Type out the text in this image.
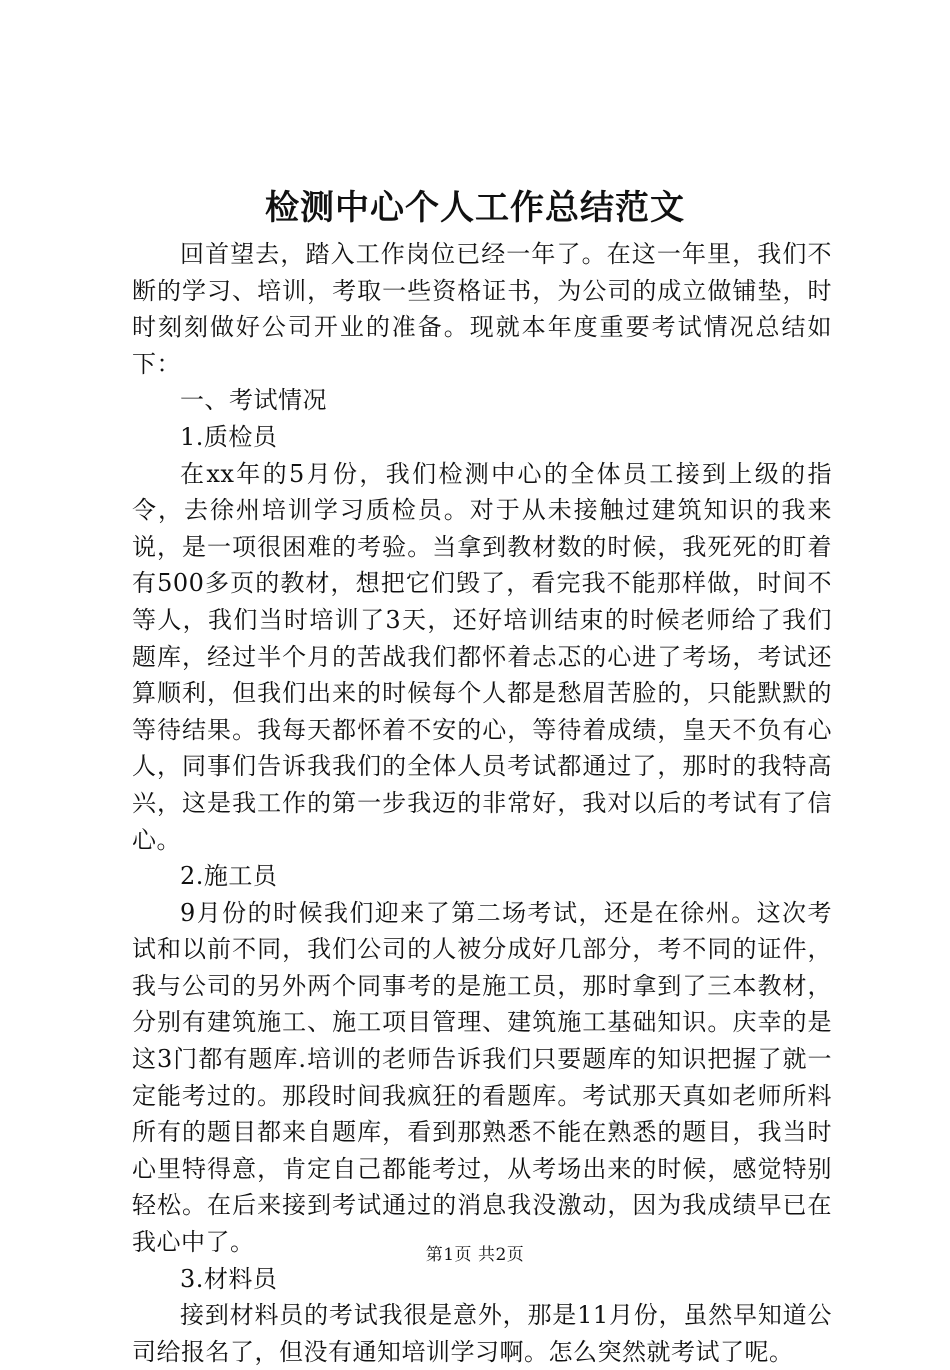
检测中心个人工作总结范文

回首望去，踏入工作岗位已经一年了。在这一年里，我们不断的学习、培训，考取一些资格证书，为公司的成立做铺垫，时时刻刻做好公司开业的准备。现就本年度重要考试情况总结如下：

一、考试情况

1.质检员

在xx年的5月份，我们检测中心的全体员工接到上级的指令，去徐州培训学习质检员。对于从未接触过建筑知识的我来说，是一项很困难的考验。当拿到教材数的时候，我死死的盯着有500多页的教材，想把它们毁了，看完我不能那样做，时间不等人，我们当时培训了3天，还好培训结束的时候老师给了我们题库，经过半个月的苦战我们都怀着忐忑的心进了考场，考试还算顺利，但我们出来的时候每个人都是愁眉苦脸的，只能默默的等待结果。我每天都怀着不安的心，等待着成绩，皇天不负有心人，同事们告诉我我们的全体人员考试都通过了，那时的我特高兴，这是我工作的第一步我迈的非常好，我对以后的考试有了信心。

2.施工员

9月份的时候我们迎来了第二场考试，还是在徐州。这次考试和以前不同，我们公司的人被分成好几部分，考不同的证件，我与公司的另外两个同事考的是施工员，那时拿到了三本教材，分别有建筑施工、施工项目管理、建筑施工基础知识。庆幸的是这3门都有题库.培训的老师告诉我们只要题库的知识把握了就一定能考过的。那段时间我疯狂的看题库。考试那天真如老师所料所有的题目都来自题库，看到那熟悉不能在熟悉的题目，我当时心里特得意，肯定自己都能考过，从考场出来的时候，感觉特别轻松。在后来接到考试通过的消息我没激动，因为我成绩早已在我心中了。

3.材料员

接到材料员的考试我很是意外，那是11月份，虽然早知道公司给报名了，但没有通知培训学习啊。怎么突然就考试了呢。

第1页 共2页
